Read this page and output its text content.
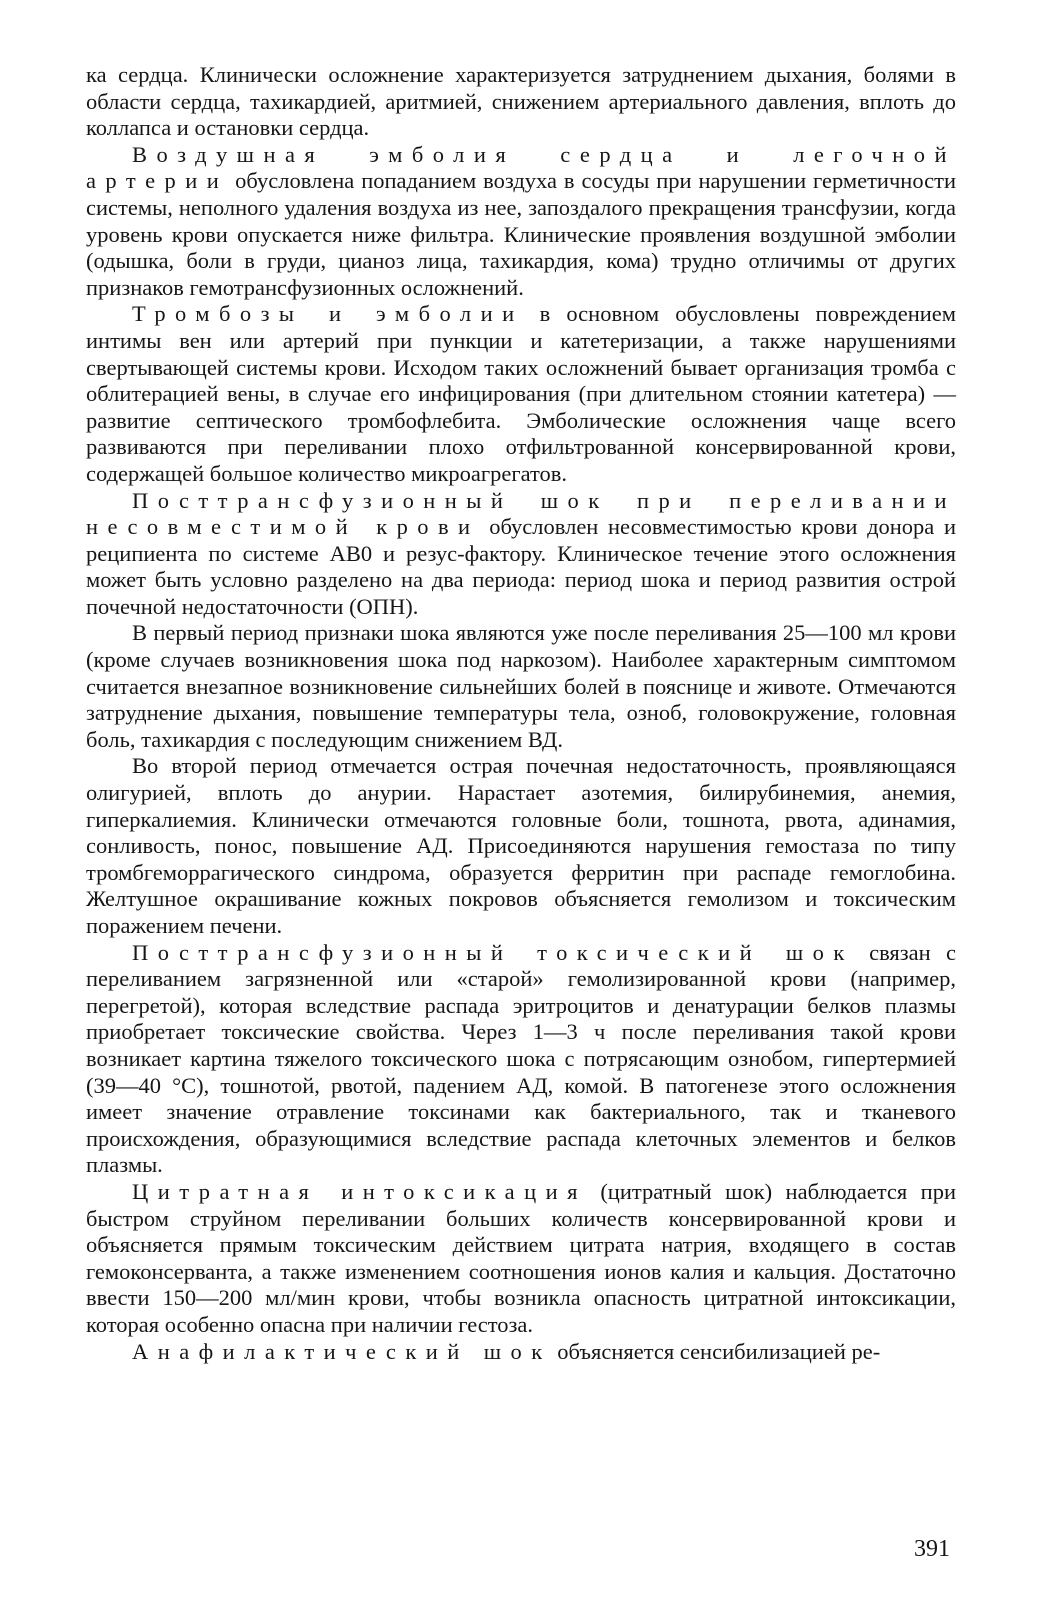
ка сердца. Клинически осложнение характеризуется затруднением дыхания, болями в области сердца, тахикардией, аритмией, снижением артериального давления, вплоть до коллапса и остановки сердца.

Воздушная эмболия сердца и легочной артерии обусловлена попаданием воздуха в сосуды при нарушении герметичности системы, неполного удаления воздуха из нее, запоздалого прекращения трансфузии, когда уровень крови опускается ниже фильтра. Клинические проявления воздушной эмболии (одышка, боли в груди, цианоз лица, тахикардия, кома) трудно отличимы от других признаков гемотрансфузионных осложнений.

Тромбозы и эмболии в основном обусловлены повреждением интимы вен или артерий при пункции и катетеризации, а также нарушениями свертывающей системы крови. Исходом таких осложнений бывает организация тромба с облитерацией вены, в случае его инфицирования (при длительном стоянии катетера) — развитие септического тромбофлебита. Эмболические осложнения чаще всего развиваются при переливании плохо отфильтрованной консервированной крови, содержащей большое количество микроагрегатов.

Посттрансфузионный шок при переливании несовместимой крови обусловлен несовместимостью крови донора и реципиента по системе АВ0 и резус-фактору. Клиническое течение этого осложнения может быть условно разделено на два периода: период шока и период развития острой почечной недостаточности (ОПН).

В первый период признаки шока являются уже после переливания 25—100 мл крови (кроме случаев возникновения шока под наркозом). Наиболее характерным симптомом считается внезапное возникновение сильнейших болей в пояснице и животе. Отмечаются затруднение дыхания, повышение температуры тела, озноб, головокружение, головная боль, тахикардия с последующим снижением ВД.

Во второй период отмечается острая почечная недостаточность, проявляющаяся олигурией, вплоть до анурии. Нарастает азотемия, билирубинемия, анемия, гиперкалиемия. Клинически отмечаются головные боли, тошнота, рвота, адинамия, сонливость, понос, повышение АД. Присоединяются нарушения гемостаза по типу тромбгеморрагического синдрома, образуется ферритин при распаде гемоглобина. Желтушное окрашивание кожных покровов объясняется гемолизом и токсическим поражением печени.

Посттрансфузионный токсический шок связан с переливанием загрязненной или «старой» гемолизированной крови (например, перегретой), которая вследствие распада эритроцитов и денатурации белков плазмы приобретает токсические свойства. Через 1—3 ч после переливания такой крови возникает картина тяжелого токсического шока с потрясающим ознобом, гипертермией (39—40 °С), тошнотой, рвотой, падением АД, комой. В патогенезе этого осложнения имеет значение отравление токсинами как бактериального, так и тканевого происхождения, образующимися вследствие распада клеточных элементов и белков плазмы.

Цитратная интоксикация (цитратный шок) наблюдается при быстром струйном переливании больших количеств консервированной крови и объясняется прямым токсическим действием цитрата натрия, входящего в состав гемоконсерванта, а также изменением соотношения ионов калия и кальция. Достаточно ввести 150—200 мл/мин крови, чтобы возникла опасность цитратной интоксикации, которая особенно опасна при наличии гестоза.

Анафилактический шок объясняется сенсибилизацией ре-

391
